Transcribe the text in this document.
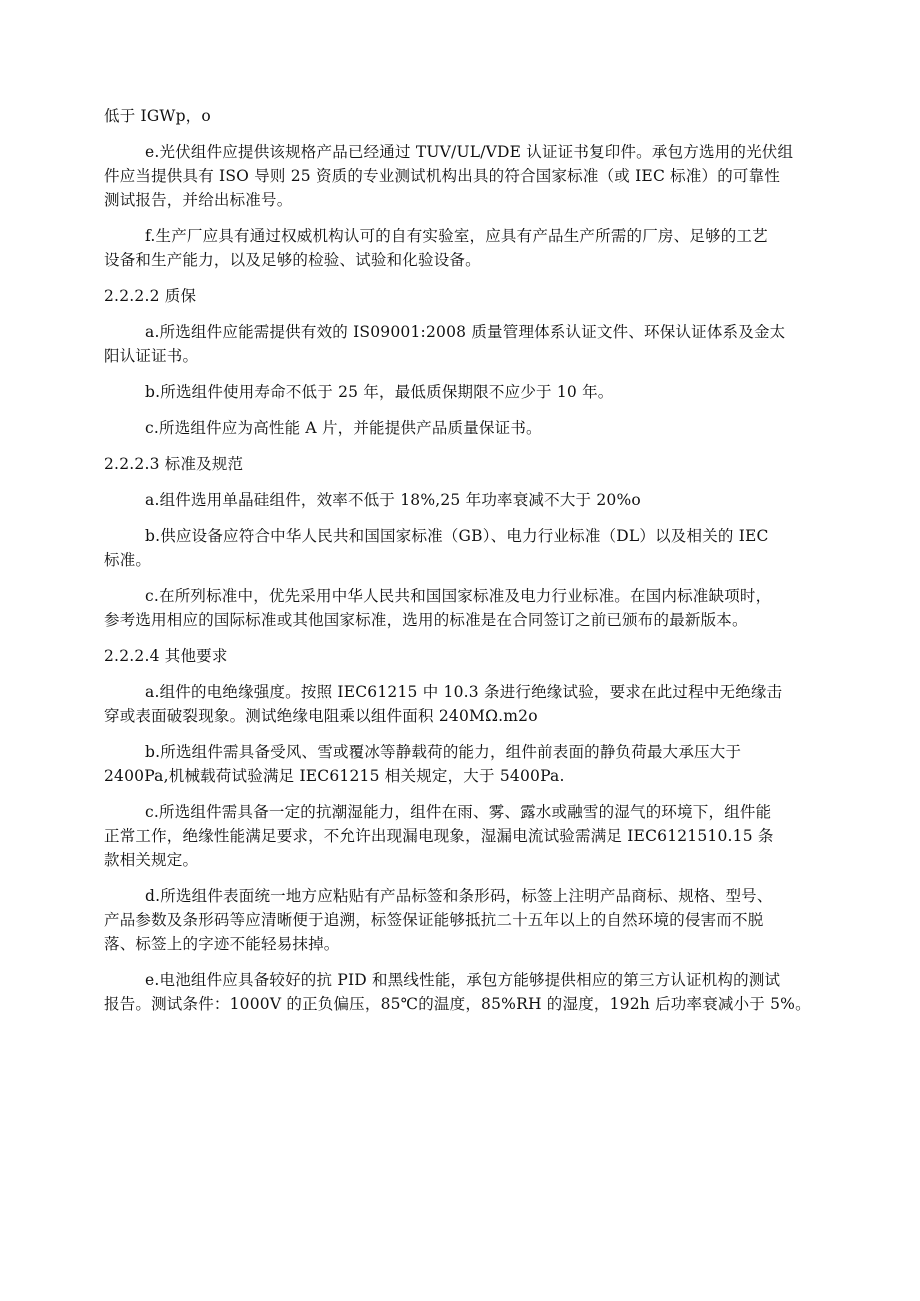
低于 IGWp，o
e.光伏组件应提供该规格产品已经通过 TUV/UL/VDE 认证证书复印件。承包方选用的光伏组
件应当提供具有 ISO 导则 25 资质的专业测试机构出具的符合国家标准（或 IEC 标准）的可靠性
测试报告，并给出标准号。
f.生产厂应具有通过权威机构认可的自有实验室，应具有产品生产所需的厂房、足够的工艺
设备和生产能力，以及足够的检验、试验和化验设备。
2.2.2.2 质保
a.所选组件应能需提供有效的 IS09001:2008 质量管理体系认证文件、环保认证体系及金太
阳认证证书。
b.所选组件使用寿命不低于 25 年，最低质保期限不应少于 10 年。
c.所选组件应为高性能 A 片，并能提供产品质量保证书。
2.2.2.3 标准及规范
a.组件选用单晶硅组件，效率不低于 18%,25 年功率衰减不大于 20%o
b.供应设备应符合中华人民共和国国家标准（GB）、电力行业标准（DL）以及相关的 IEC
标准。
c.在所列标准中，优先采用中华人民共和国国家标准及电力行业标准。在国内标准缺项时，
参考选用相应的国际标准或其他国家标准，选用的标准是在合同签订之前已颁布的最新版本。
2.2.2.4 其他要求
a.组件的电绝缘强度。按照 IEC61215 中 10.3 条进行绝缘试验，要求在此过程中无绝缘击
穿或表面破裂现象。测试绝缘电阻乘以组件面积 240MΩ.m2o
b.所选组件需具备受风、雪或覆冰等静载荷的能力，组件前表面的静负荷最大承压大于
2400Pa,机械载荷试验满足 IEC61215 相关规定，大于 5400Pa.
c.所选组件需具备一定的抗潮湿能力，组件在雨、雾、露水或融雪的湿气的环境下，组件能
正常工作，绝缘性能满足要求，不允许出现漏电现象，湿漏电流试验需满足 IEC6121510.15 条
款相关规定。
d.所选组件表面统一地方应粘贴有产品标签和条形码，标签上注明产品商标、规格、型号、
产品参数及条形码等应清晰便于追溯，标签保证能够抵抗二十五年以上的自然环境的侵害而不脱
落、标签上的字迹不能轻易抹掉。
e.电池组件应具备较好的抗 PID 和黑线性能，承包方能够提供相应的第三方认证机构的测试
报告。测试条件：1000V 的正负偏压，85℃的温度，85%RH 的湿度，192h 后功率衰减小于 5%。
